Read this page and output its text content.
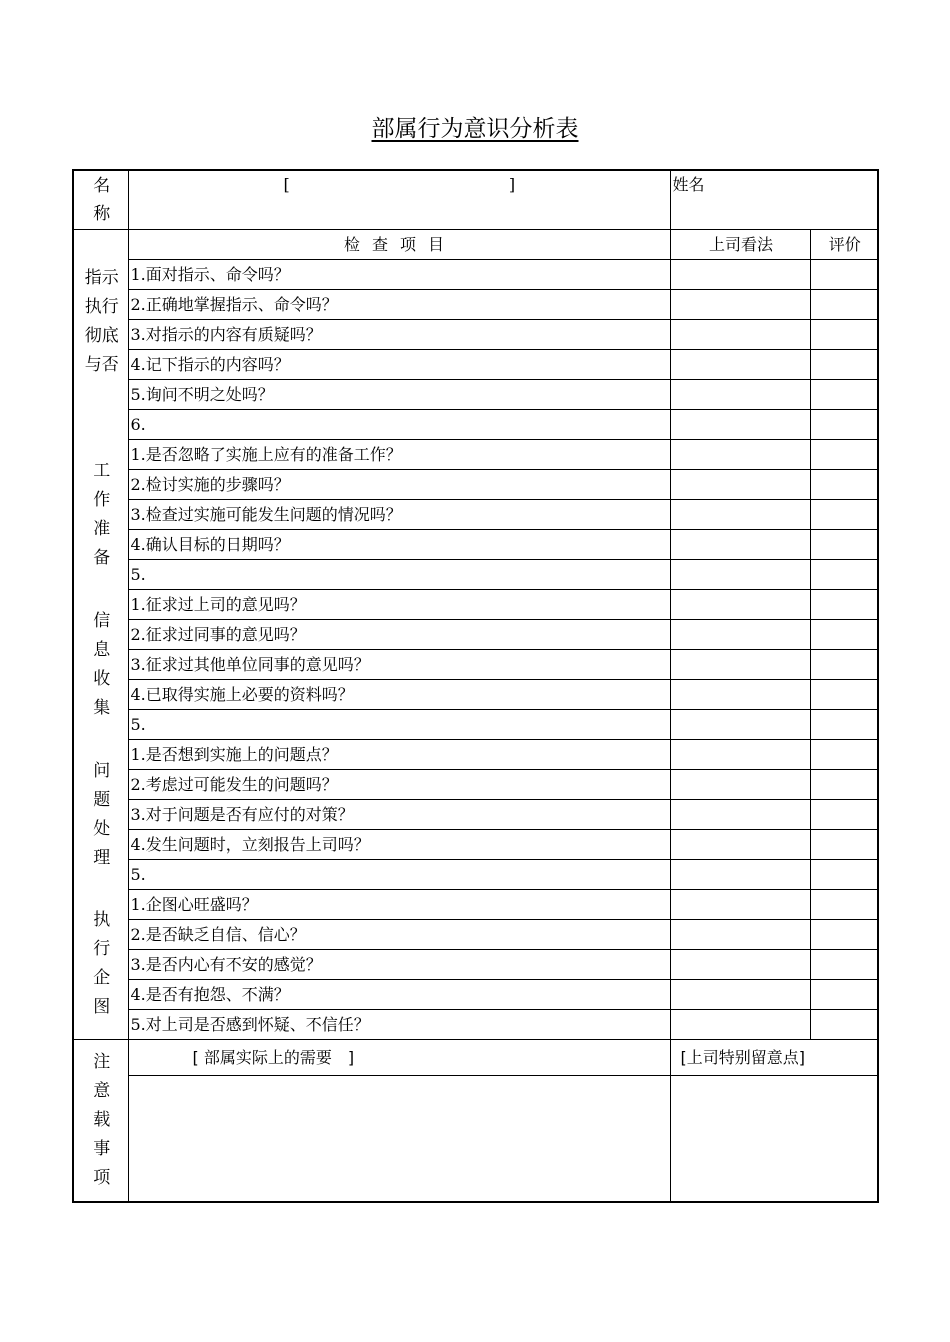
部属行为意识分析表
名
称	[ ]	姓名	
	检查项目	上司看法	评价

指示
执行
彻底
与否	1.面对指示、命令吗？		
	2.正确地掌握指示、命令吗？		
	3.对指示的内容有质疑吗？		
	4.记下指示的内容吗？		
	5.询问不明之处吗？		
	6.		

工
作
准
备	1.是否忽略了实施上应有的准备工作？		
	2.检讨实施的步骤吗？		
	3.检查过实施可能发生问题的情况吗？		
	4.确认目标的日期吗？		
	5.		

信
息
收
集	1.征求过上司的意见吗？		
	2.征求过同事的意见吗？		
	3.征求过其他单位同事的意见吗？		
	4.已取得实施上必要的资料吗？		
	5.		

问
题
处
理	1.是否想到实施上的问题点？		
	2.考虑过可能发生的问题吗？		
	3.对于问题是否有应付的对策？		
	4.发生问题时，立刻报告上司吗？		
	5.		

执
行
企
图	1.企图心旺盛吗？		
	2.是否缺乏自信、信心？		
	3.是否内心有不安的感觉？		
	4.是否有抱怨、不满？		
	5.对上司是否感到怀疑、不信任？		

注
意
载
事
项	[ 部属实际上的需要　]	[上司特别留意点]	
